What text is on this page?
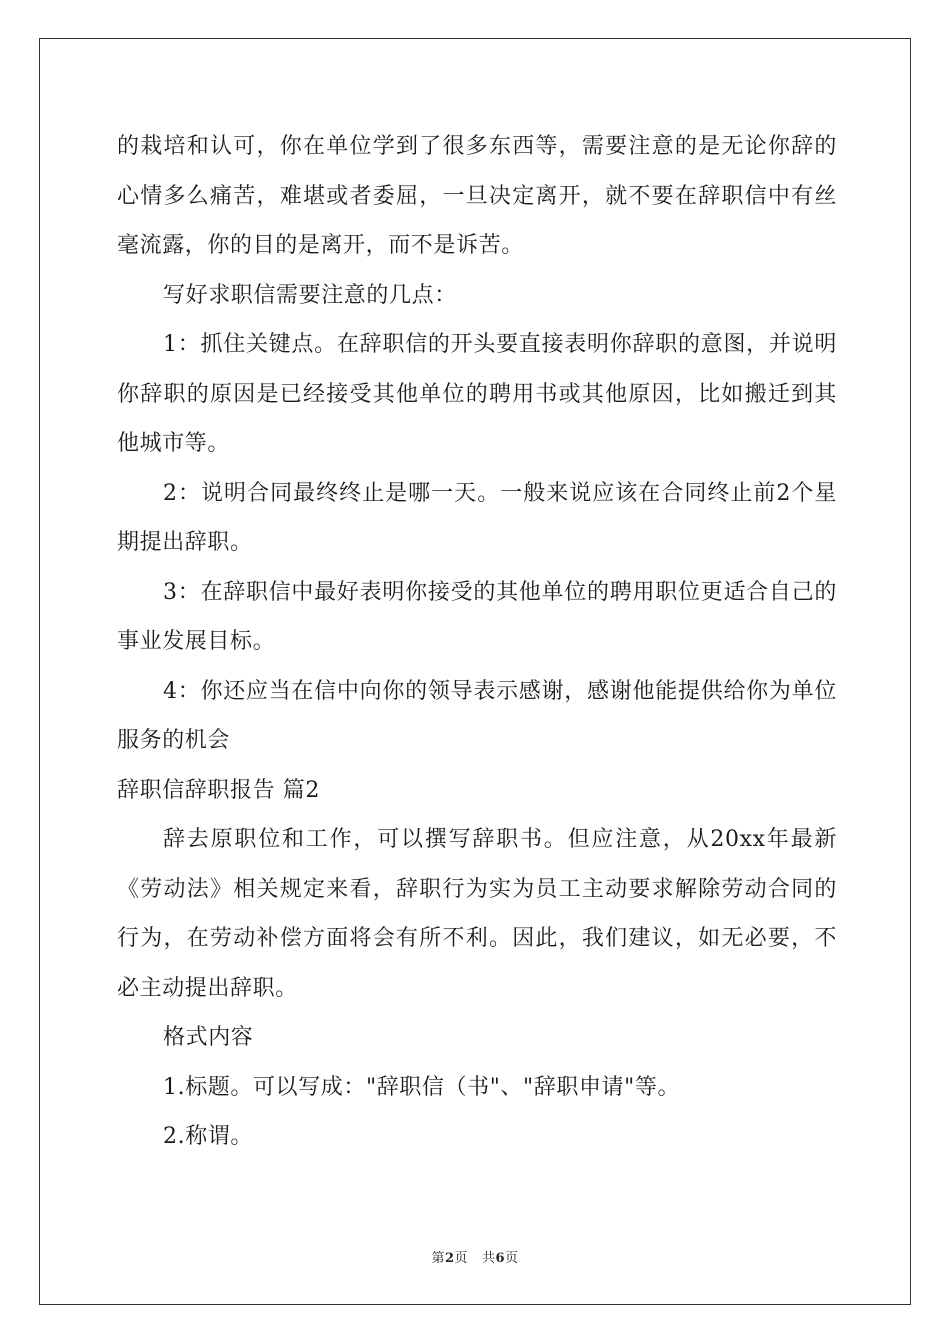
的栽培和认可，你在单位学到了很多东西等，需要注意的是无论你辞的心情多么痛苦，难堪或者委屈，一旦决定离开，就不要在辞职信中有丝毫流露，你的目的是离开，而不是诉苦。

写好求职信需要注意的几点：

1：抓住关键点。在辞职信的开头要直接表明你辞职的意图，并说明你辞职的原因是已经接受其他单位的聘用书或其他原因，比如搬迁到其他城市等。

2：说明合同最终终止是哪一天。一般来说应该在合同终止前2个星期提出辞职。

3：在辞职信中最好表明你接受的其他单位的聘用职位更适合自己的事业发展目标。

4：你还应当在信中向你的领导表示感谢，感谢他能提供给你为单位服务的机会

辞职信辞职报告 篇2

辞去原职位和工作，可以撰写辞职书。但应注意，从20xx年最新《劳动法》相关规定来看，辞职行为实为员工主动要求解除劳动合同的行为，在劳动补偿方面将会有所不利。因此，我们建议，如无必要，不必主动提出辞职。

格式内容

1.标题。可以写成："辞职信（书"、"辞职申请"等。

2.称谓。

第2页 共6页
